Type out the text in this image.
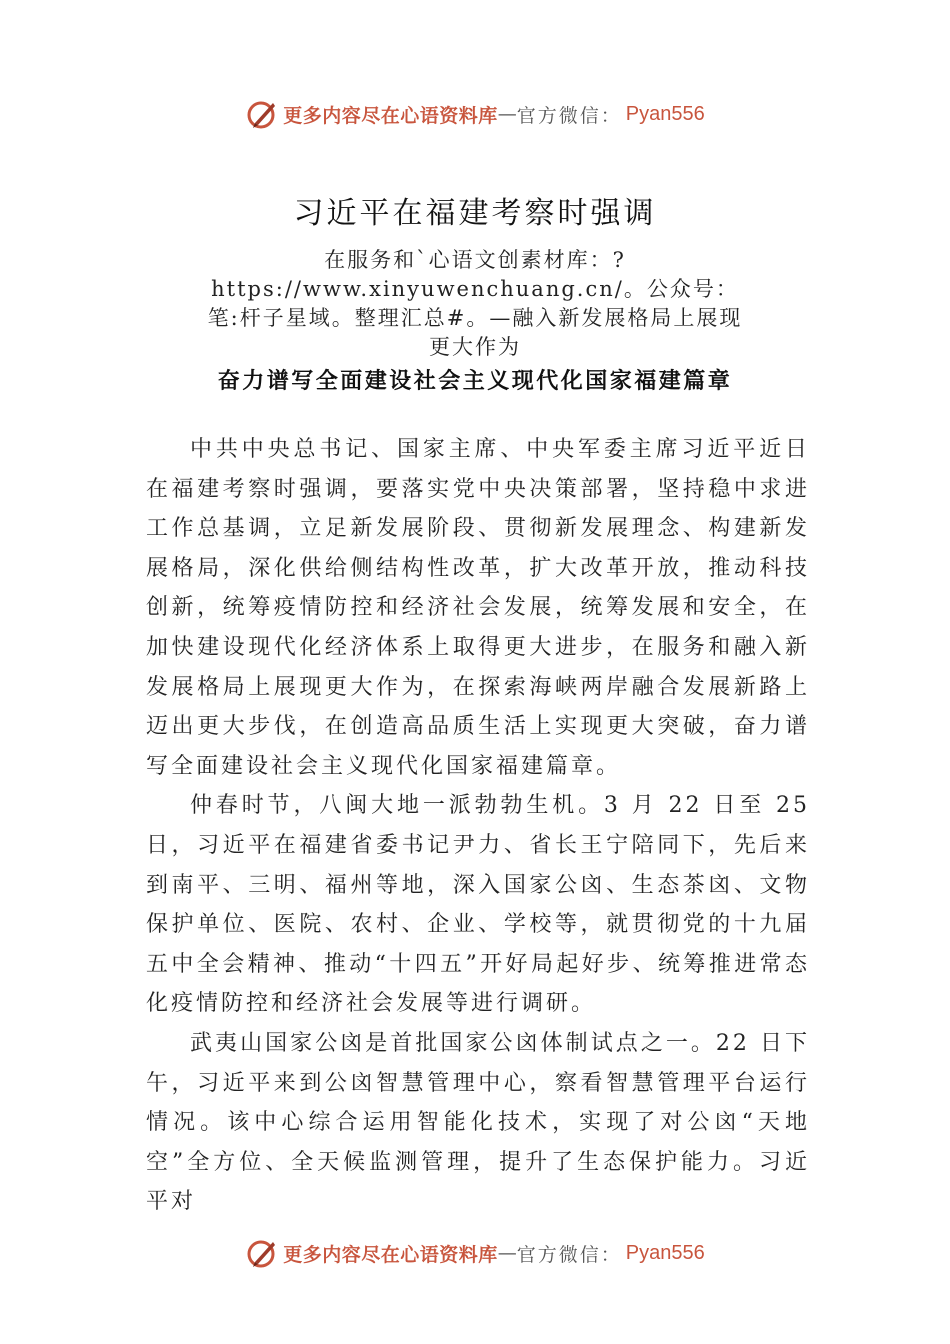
更多内容尽在心语资料库 — 官方微信： Pyan556
习近平在福建考察时强调
在服务和`心语文创素材库：?https://www.xinyuwenchuang.cn/。公众号：笔:杆子星域。整理汇总#。—融入新发展格局上展现更大作为
奋力谱写全面建设社会主义现代化国家福建篇章

中共中央总书记、国家主席、中央军委主席习近平近日在福建考察时强调，要落实党中央决策部署，坚持稳中求进工作总基调，立足新发展阶段、贯彻新发展理念、构建新发展格局，深化供给侧结构性改革，扩大改革开放，推动科技创新，统筹疫情防控和经济社会发展，统筹发展和安全，在加快建设现代化经济体系上取得更大进步，在服务和融入新发展格局上展现更大作为，在探索海峡两岸融合发展新路上迈出更大步伐，在创造高品质生活上实现更大突破，奋力谱写全面建设社会主义现代化国家福建篇章。

仲春时节，八闽大地一派勃勃生机。3 月 22 日至 25 日，习近平在福建省委书记尹力、省长王宁陪同下，先后来到南平、三明、福州等地，深入国家公㓙、生态茶㓙、文物保护单位、医院、农村、企业、学校等，就贯彻党的十九届五中全会精神、推动“十四五”开好局起好步、统筹推进常态化疫情防控和经济社会发展等进行调研。

武夷山国家公㓙是首批国家公㓙体制试点之一。22 日下午，习近平来到公㓙智慧管理中心，察看智慧管理平台运行情况。该中心综合运用智能化技术，实现了对公㓙“天地空”全方位、全天候监测管理，提升了生态保护能力。习近平对

更多内容尽在心语资料库 — 官方微信： Pyan556
